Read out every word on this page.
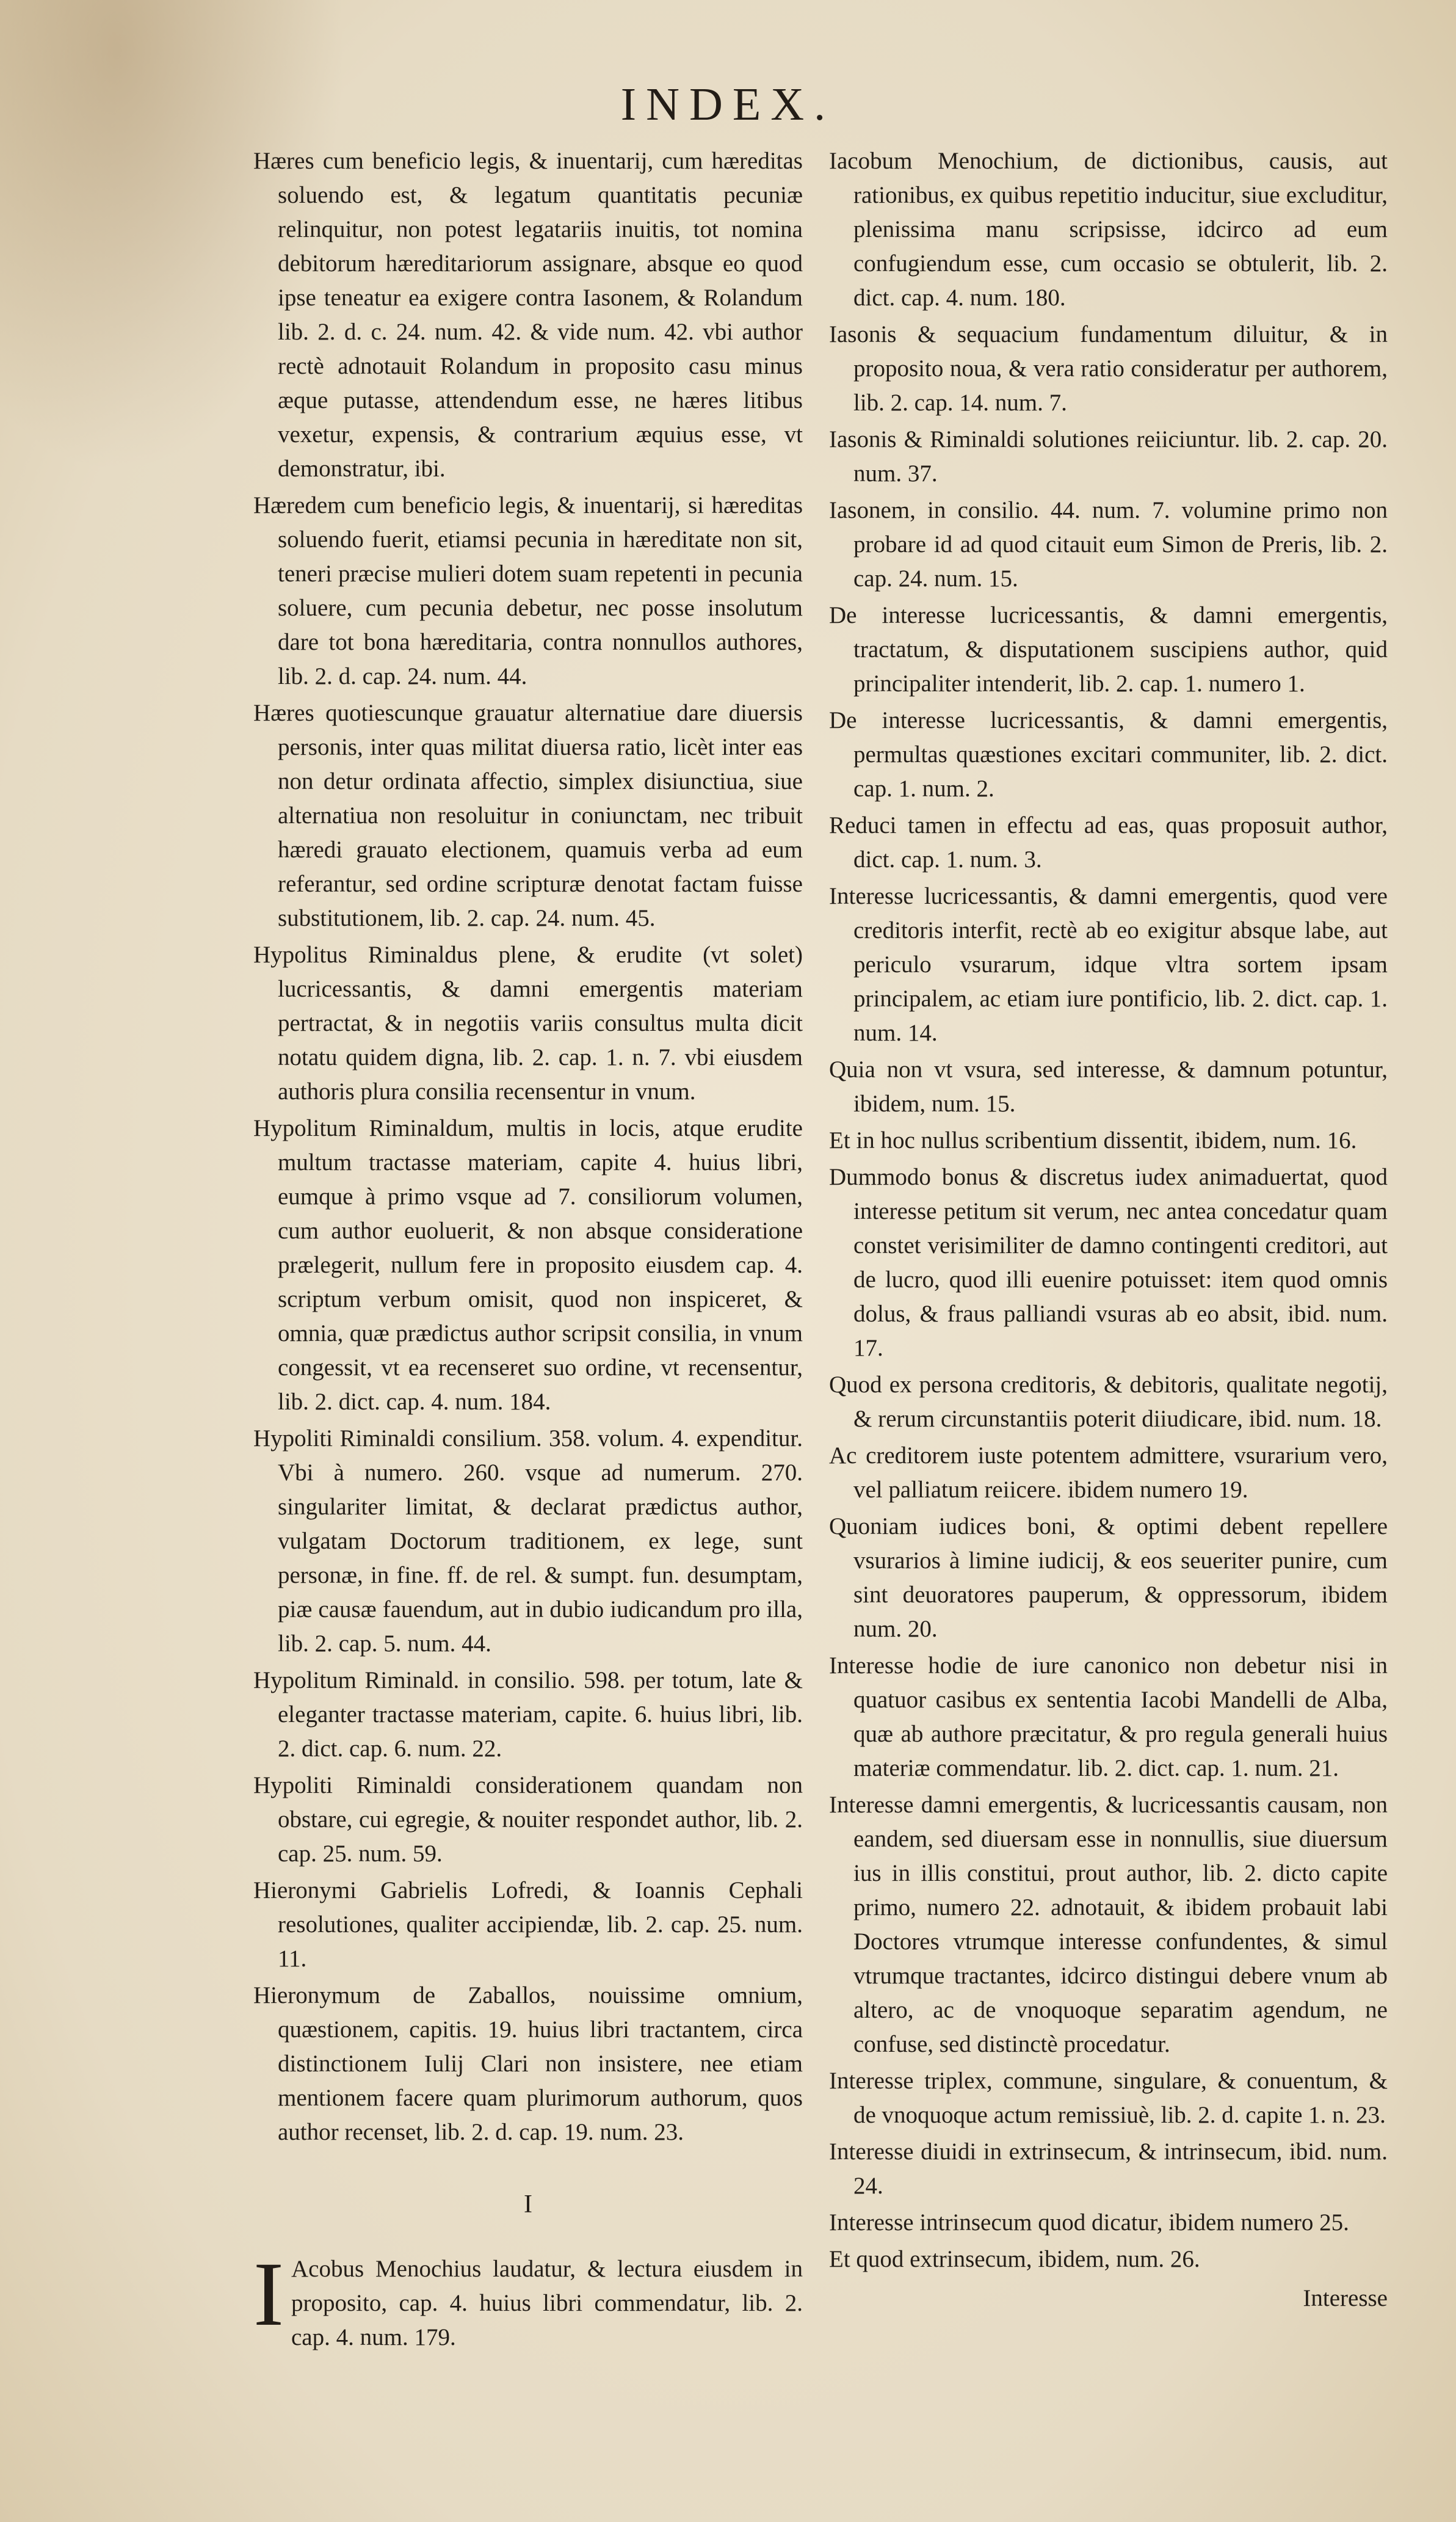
INDEX.

Hæres cum beneficio legis, & inuentarij, cum hæreditas soluendo est, & legatum quantitatis pecuniæ relinquitur, non potest legatariis inuitis, tot nomina debitorum hæreditariorum assignare, absque eo quod ipse teneatur ea exigere contra Iasonem, & Rolandum lib. 2. d. c. 24. num. 42. & vide num. 42. vbi author rectè adnotauit Rolandum in proposito casu minus æque putasse, attendendum esse, ne hæres litibus vexetur, expensis, & contrarium æquius esse, vt demonstratur, ibi.

Hæredem cum beneficio legis, & inuentarij, si hæreditas soluendo fuerit, etiamsi pecunia in hæreditate non sit, teneri præcise mulieri dotem suam repetenti in pecunia soluere, cum pecunia debetur, nec posse insolutum dare tot bona hæreditaria, contra nonnullos authores, lib. 2. d. cap. 24. num. 44.

Hæres quotiescunque grauatur alternatiue dare diuersis personis, inter quas militat diuersa ratio, licèt inter eas non detur ordinata affectio, simplex disiunctiua, siue alternatiua non resoluitur in coniunctam, nec tribuit hæredi grauato electionem, quamuis verba ad eum referantur, sed ordine scripturæ denotat factam fuisse substitutionem, lib. 2. cap. 24. num. 45.

Hypolitus Riminaldus plene, & erudite (vt solet) lucricessantis, & damni emergentis materiam pertractat, & in negotiis variis consultus multa dicit notatu quidem digna, lib. 2. cap. 1. n. 7. vbi eiusdem authoris plura consilia recensentur in vnum.

Hypolitum Riminaldum, multis in locis, atque erudite multum tractasse materiam, capite 4. huius libri, eumque à primo vsque ad 7. consiliorum volumen, cum author euoluerit, & non absque consideratione prælegerit, nullum fere in proposito eiusdem cap. 4. scriptum verbum omisit, quod non inspiceret, & omnia, quæ prædictus author scripsit consilia, in vnum congessit, vt ea recenseret suo ordine, vt recensentur, lib. 2. dict. cap. 4. num. 184.

Hypoliti Riminaldi consilium. 358. volum. 4. expenditur. Vbi à numero. 260. vsque ad numerum. 270. singulariter limitat, & declarat prædictus author, vulgatam Doctorum traditionem, ex lege, sunt personæ, in fine. ff. de rel. & sumpt. fun. desumptam, piæ causæ fauendum, aut in dubio iudicandum pro illa, lib. 2. cap. 5. num. 44.

Hypolitum Riminald. in consilio. 598. per totum, late & eleganter tractasse materiam, capite. 6. huius libri, lib. 2. dict. cap. 6. num. 22.

Hypoliti Riminaldi considerationem quandam non obstare, cui egregie, & nouiter respondet author, lib. 2. cap. 25. num. 59.

Hieronymi Gabrielis Lofredi, & Ioannis Cephali resolutiones, qualiter accipiendæ, lib. 2. cap. 25. num. 11.

Hieronymum de Zaballos, nouissime omnium, quæstionem, capitis. 19. huius libri tractantem, circa distinctionem Iulij Clari non insistere, nee etiam mentionem facere quam plurimorum authorum, quos author recenset, lib. 2. d. cap. 19. num. 23.

I

I Acobus Menochius laudatur, & lectura eiusdem in proposito, cap. 4. huius libri commendatur, lib. 2. cap. 4. num. 179.

Iacobum Menochium, de dictionibus, causis, aut rationibus, ex quibus repetitio inducitur, siue excluditur, plenissima manu scripsisse, idcirco ad eum confugiendum esse, cum occasio se obtulerit, lib. 2. dict. cap. 4. num. 180.

Iasonis & sequacium fundamentum diluitur, & in proposito noua, & vera ratio consideratur per authorem, lib. 2. cap. 14. num. 7.

Iasonis & Riminaldi solutiones reiiciuntur. lib. 2. cap. 20. num. 37.

Iasonem, in consilio. 44. num. 7. volumine primo non probare id ad quod citauit eum Simon de Preris, lib. 2. cap. 24. num. 15.

De interesse lucricessantis, & damni emergentis, tractatum, & disputationem suscipiens author, quid principaliter intenderit, lib. 2. cap. 1. numero 1.

De interesse lucricessantis, & damni emergentis, permultas quæstiones excitari communiter, lib. 2. dict. cap. 1. num. 2.

Reduci tamen in effectu ad eas, quas proposuit author, dict. cap. 1. num. 3.

Interesse lucricessantis, & damni emergentis, quod vere creditoris interfit, rectè ab eo exigitur absque labe, aut periculo vsurarum, idque vltra sortem ipsam principalem, ac etiam iure pontificio, lib. 2. dict. cap. 1. num. 14.

Quia non vt vsura, sed interesse, & damnum potuntur, ibidem, num. 15.

Et in hoc nullus scribentium dissentit, ibidem, num. 16.

Dummodo bonus & discretus iudex animaduertat, quod interesse petitum sit verum, nec antea concedatur quam constet verisimiliter de damno contingenti creditori, aut de lucro, quod illi euenire potuisset: item quod omnis dolus, & fraus palliandi vsuras ab eo absit, ibid. num. 17.

Quod ex persona creditoris, & debitoris, qualitate negotij, & rerum circunstantiis poterit diiudicare, ibid. num. 18.

Ac creditorem iuste potentem admittere, vsurarium vero, vel palliatum reiicere. ibidem numero 19.

Quoniam iudices boni, & optimi debent repellere vsurarios à limine iudicij, & eos seueriter punire, cum sint deuoratores pauperum, & oppressorum, ibidem num. 20.

Interesse hodie de iure canonico non debetur nisi in quatuor casibus ex sententia Iacobi Mandelli de Alba, quæ ab authore præcitatur, & pro regula generali huius materiæ commendatur. lib. 2. dict. cap. 1. num. 21.

Interesse damni emergentis, & lucricessantis causam, non eandem, sed diuersam esse in nonnullis, siue diuersum ius in illis constitui, prout author, lib. 2. dicto capite primo, numero 22. adnotauit, & ibidem probauit labi Doctores vtrumque interesse confundentes, & simul vtrumque tractantes, idcirco distingui debere vnum ab altero, ac de vnoquoque separatim agendum, ne confuse, sed distinctè procedatur.

Interesse triplex, commune, singulare, & conuentum, & de vnoquoque actum remissiuè, lib. 2. d. capite 1. n. 23.

Interesse diuidi in extrinsecum, & intrinsecum, ibid. num. 24.

Interesse intrinsecum quod dicatur, ibidem numero 25.

Et quod extrinsecum, ibidem, num. 26.

Interesse
